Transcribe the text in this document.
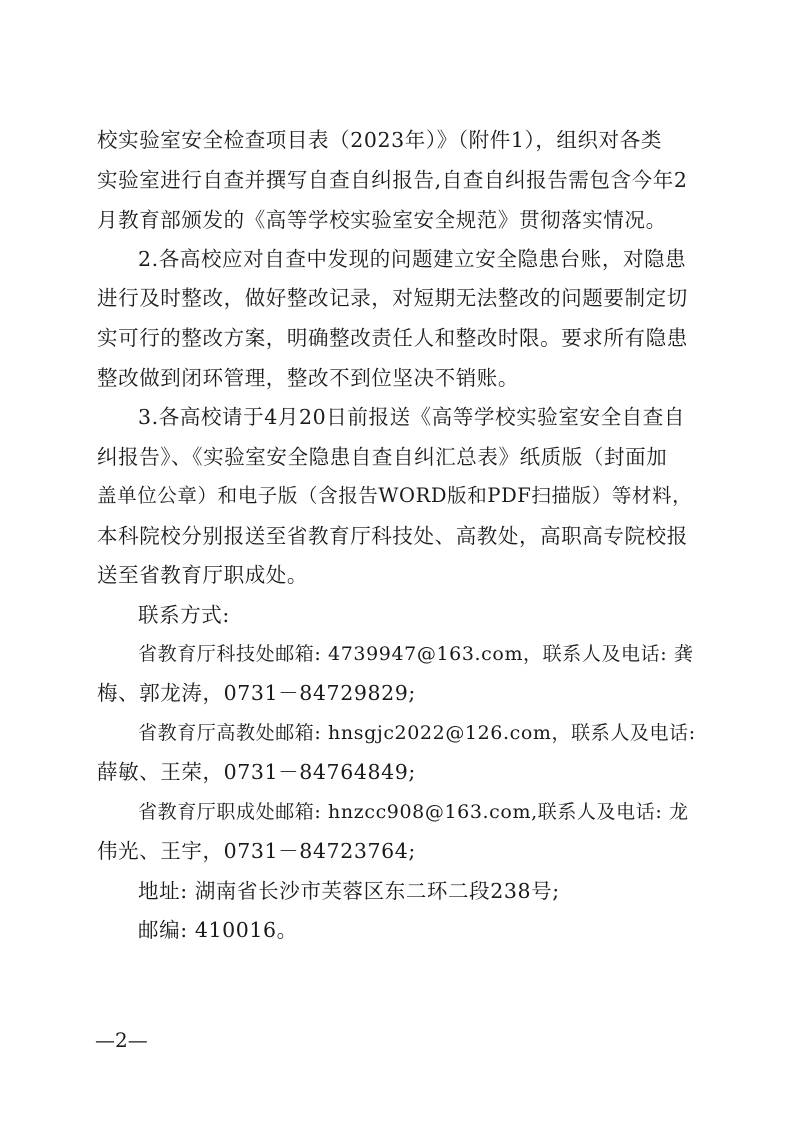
校实验室安全检查项目表（2023年）》（附件1），组织对各类
实验室进行自查并撰写自查自纠报告,自查自纠报告需包含今年2
月教育部颁发的《高等学校实验室安全规范》贯彻落实情况。
2.各高校应对自查中发现的问题建立安全隐患台账，对隐患
进行及时整改，做好整改记录，对短期无法整改的问题要制定切
实可行的整改方案，明确整改责任人和整改时限。要求所有隐患
整改做到闭环管理，整改不到位坚决不销账。
3.各高校请于4月20日前报送《高等学校实验室安全自查自
纠报告》、《实验室安全隐患自查自纠汇总表》纸质版（封面加
盖单位公章）和电子版（含报告WORD版和PDF扫描版）等材料，
本科院校分别报送至省教育厅科技处、高教处，高职高专院校报
送至省教育厅职成处。
联系方式:
省教育厅科技处邮箱: 4739947@163.com，联系人及电话: 龚
梅、郭龙涛，0731－84729829;
省教育厅高教处邮箱: hnsgjc2022@126.com，联系人及电话:
薛敏、王荣，0731－84764849;
省教育厅职成处邮箱: hnzcc908@163.com,联系人及电话: 龙
伟光、王宇，0731－84723764;
地址: 湖南省长沙市芙蓉区东二环二段238号;
邮编: 410016。
—2—
